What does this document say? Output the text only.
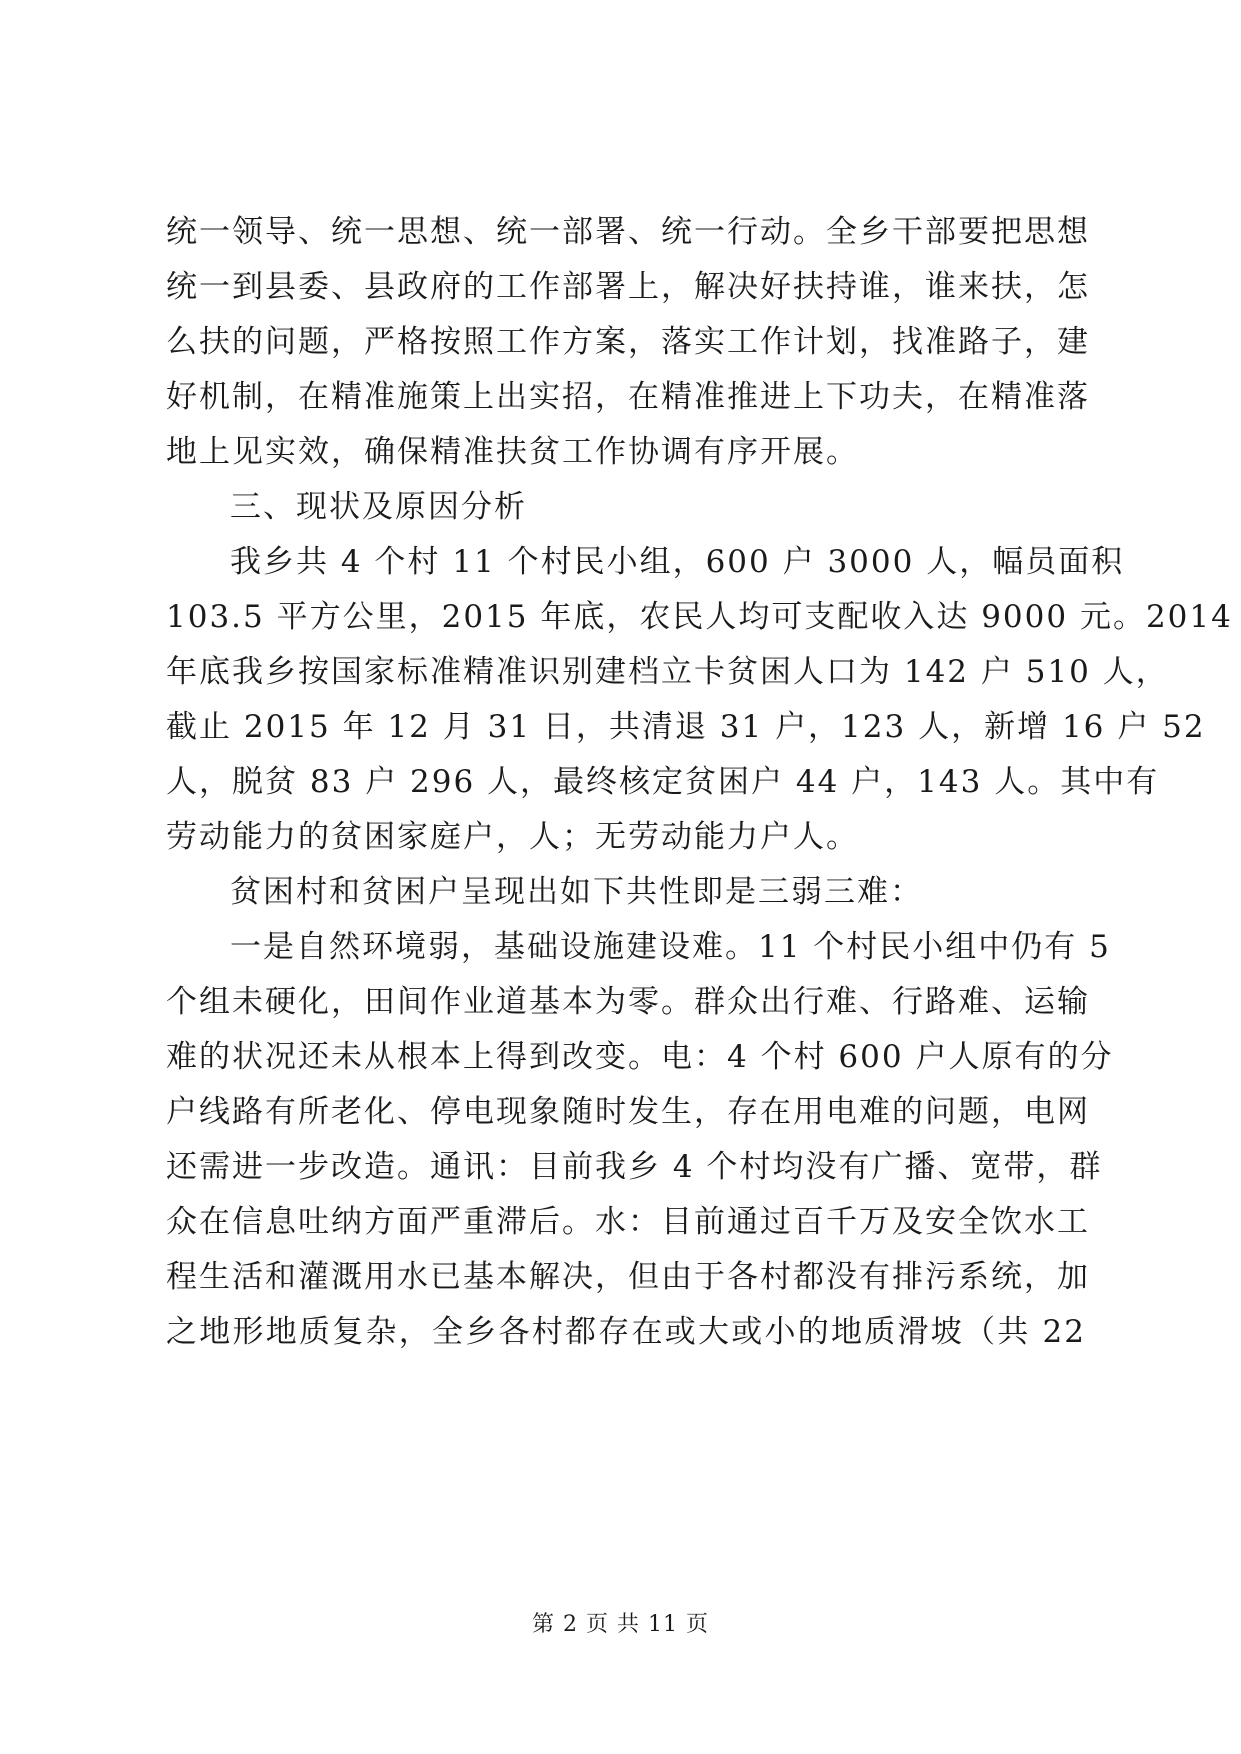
统一领导、统一思想、统一部署、统一行动。全乡干部要把思想
统一到县委、县政府的工作部署上，解决好扶持谁，谁来扶，怎
么扶的问题，严格按照工作方案，落实工作计划，找准路子，建
好机制，在精准施策上出实招，在精准推进上下功夫，在精准落
地上见实效，确保精准扶贫工作协调有序开展。
三、现状及原因分析
我乡共 4 个村 11 个村民小组，600 户 3000 人，幅员面积
103.5 平方公里，2015 年底，农民人均可支配收入达 9000 元。2014
年底我乡按国家标准精准识别建档立卡贫困人口为 142 户 510 人，
截止 2015 年 12 月 31 日，共清退 31 户，123 人，新增 16 户 52
人，脱贫 83 户 296 人，最终核定贫困户 44 户，143 人。其中有
劳动能力的贫困家庭户，人；无劳动能力户人。
贫困村和贫困户呈现出如下共性即是三弱三难：
一是自然环境弱，基础设施建设难。11 个村民小组中仍有 5
个组未硬化，田间作业道基本为零。群众出行难、行路难、运输
难的状况还未从根本上得到改变。电：4 个村 600 户人原有的分
户线路有所老化、停电现象随时发生，存在用电难的问题，电网
还需进一步改造。通讯：目前我乡 4 个村均没有广播、宽带，群
众在信息吐纳方面严重滞后。水：目前通过百千万及安全饮水工
程生活和灌溉用水已基本解决，但由于各村都没有排污系统，加
之地形地质复杂，全乡各村都存在或大或小的地质滑坡（共 22
第 2 页 共 11 页
